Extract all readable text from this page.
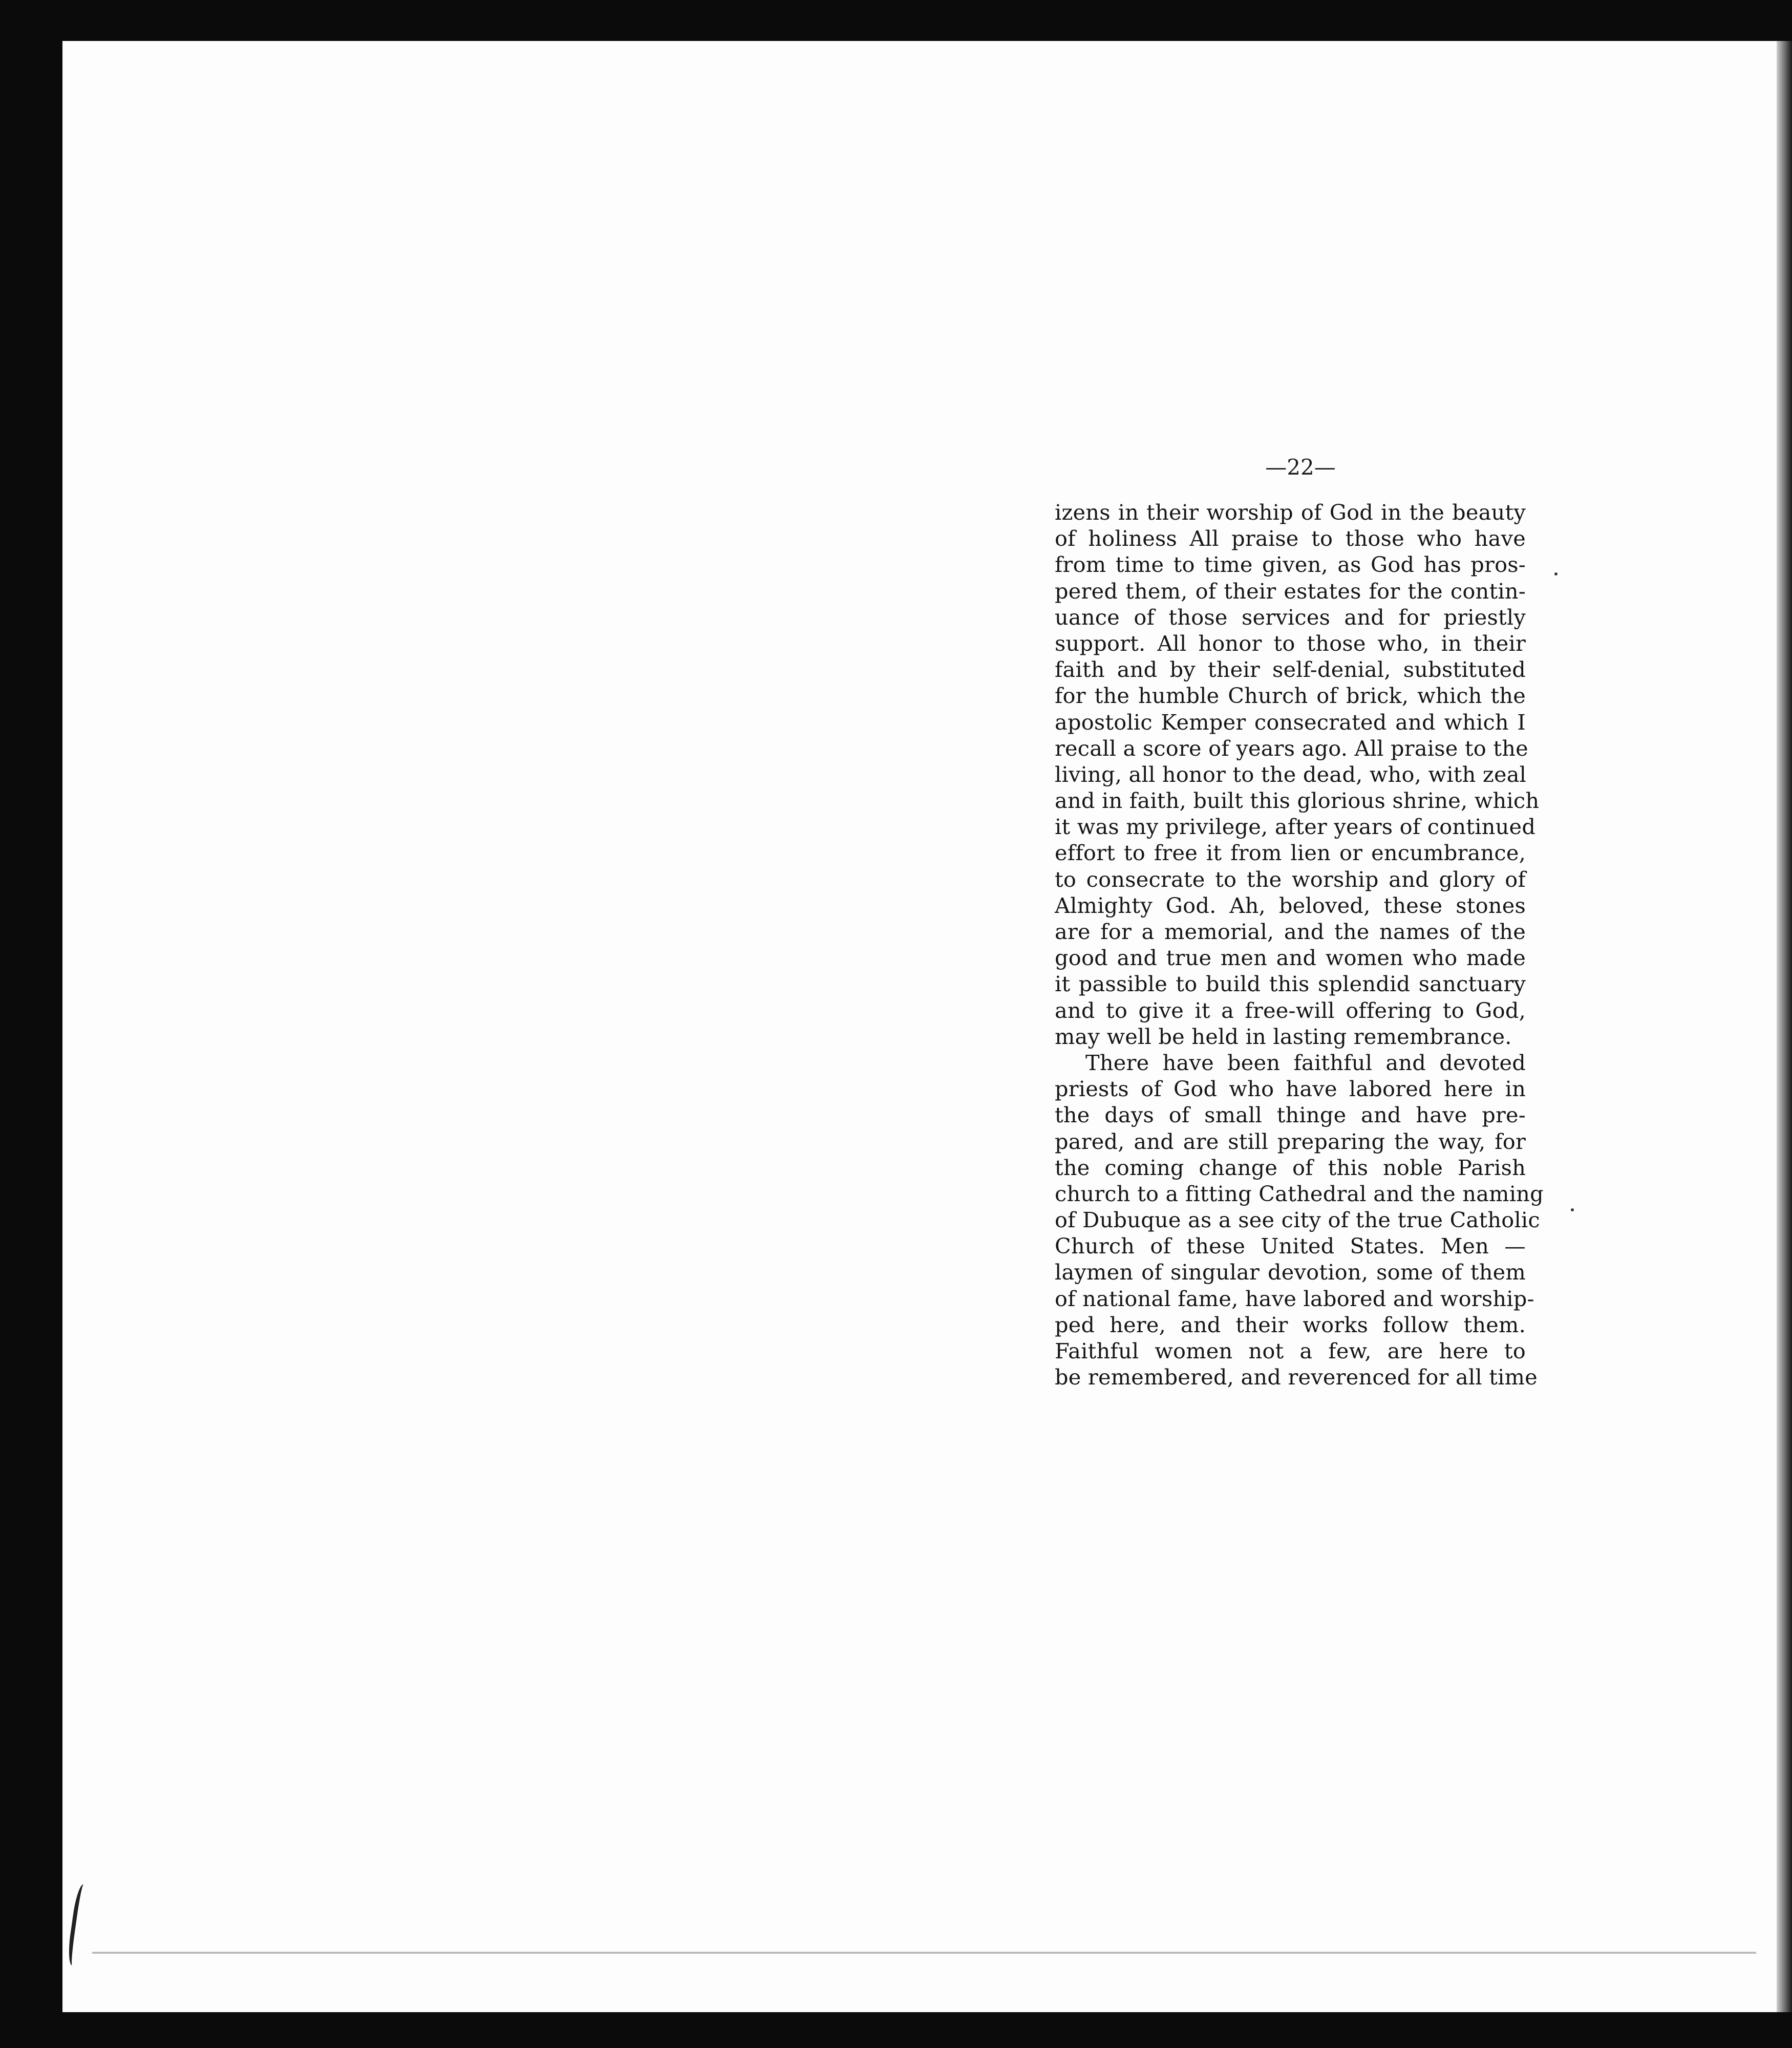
—22—

izens in their worship of God in the beauty
of holiness All praise to those who have
from time to time given, as God has pros-
pered them, of their estates for the contin-
uance of those services and for priestly
support. All honor to those who, in their
faith and by their self-denial, substituted
for the humble Church of brick, which the
apostolic Kemper consecrated and which I
recall a score of years ago. All praise to the
living, all honor to the dead, who, with zeal
and in faith, built this glorious shrine, which
it was my privilege, after years of continued
effort to free it from lien or encumbrance,
to consecrate to the worship and glory of
Almighty God. Ah, beloved, these stones
are for a memorial, and the names of the
good and true men and women who made
it passible to build this splendid sanctuary
and to give it a free-will offering to God,
may well be held in lasting remembrance.
There have been faithful and devoted
priests of God who have labored here in
the days of small thinge and have pre-
pared, and are still preparing the way, for
the coming change of this noble Parish
church to a fitting Cathedral and the naming
of Dubuque as a see city of the true Catholic
Church of these United States. Men —
laymen of singular devotion, some of them
of national fame, have labored and worship-
ped here, and their works follow them.
Faithful women not a few, are here to
be remembered, and reverenced for all time
